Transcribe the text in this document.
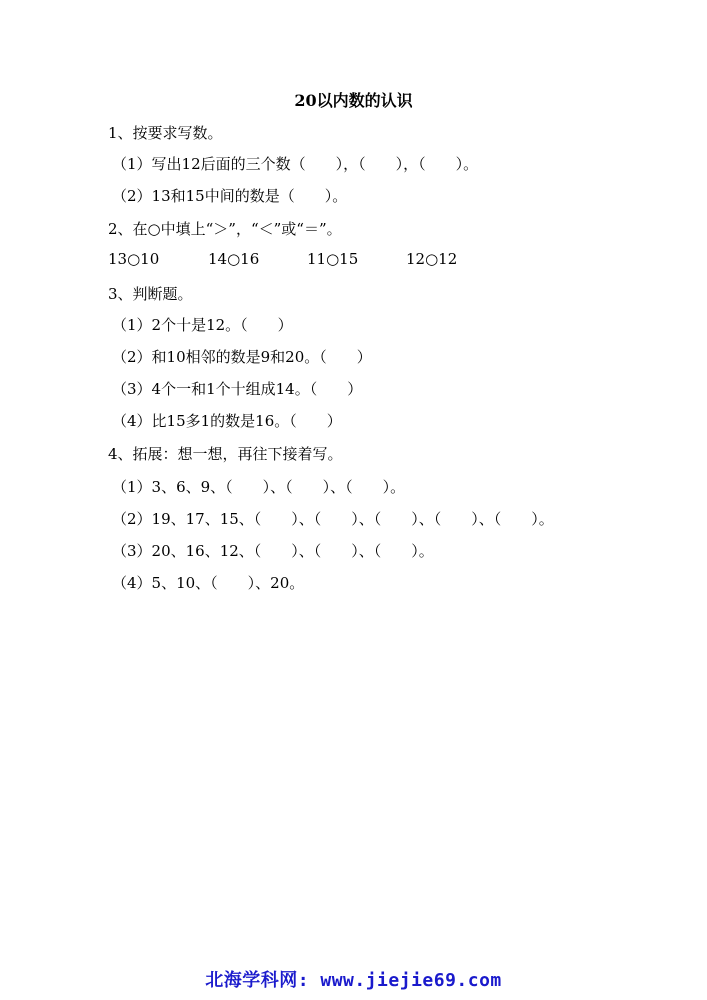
20以内数的认识

1、按要求写数。

（1）写出12后面的三个数（　　），（　　），（　　）。

（2）13和15中间的数是（　　）。

2、在○中填上“＞”，“＜”或“＝”。

13○10	14○16	11○15	12○12

3、判断题。

（1）2个十是12。（　　）

（2）和10相邻的数是9和20。（　　）

（3）4个一和1个十组成14。（　　）

（4）比15多1的数是16。（　　）

4、拓展：想一想，再往下接着写。

（1）3、6、9、（　　）、（　　）、（　　）。

（2）19、17、15、（　　）、（　　）、（　　）、（　　）、（　　）。

（3）20、16、12、（　　）、（　　）、（　　）。

（4）5、10、（　　）、20。

北海学科网: www.jiejie69.com
